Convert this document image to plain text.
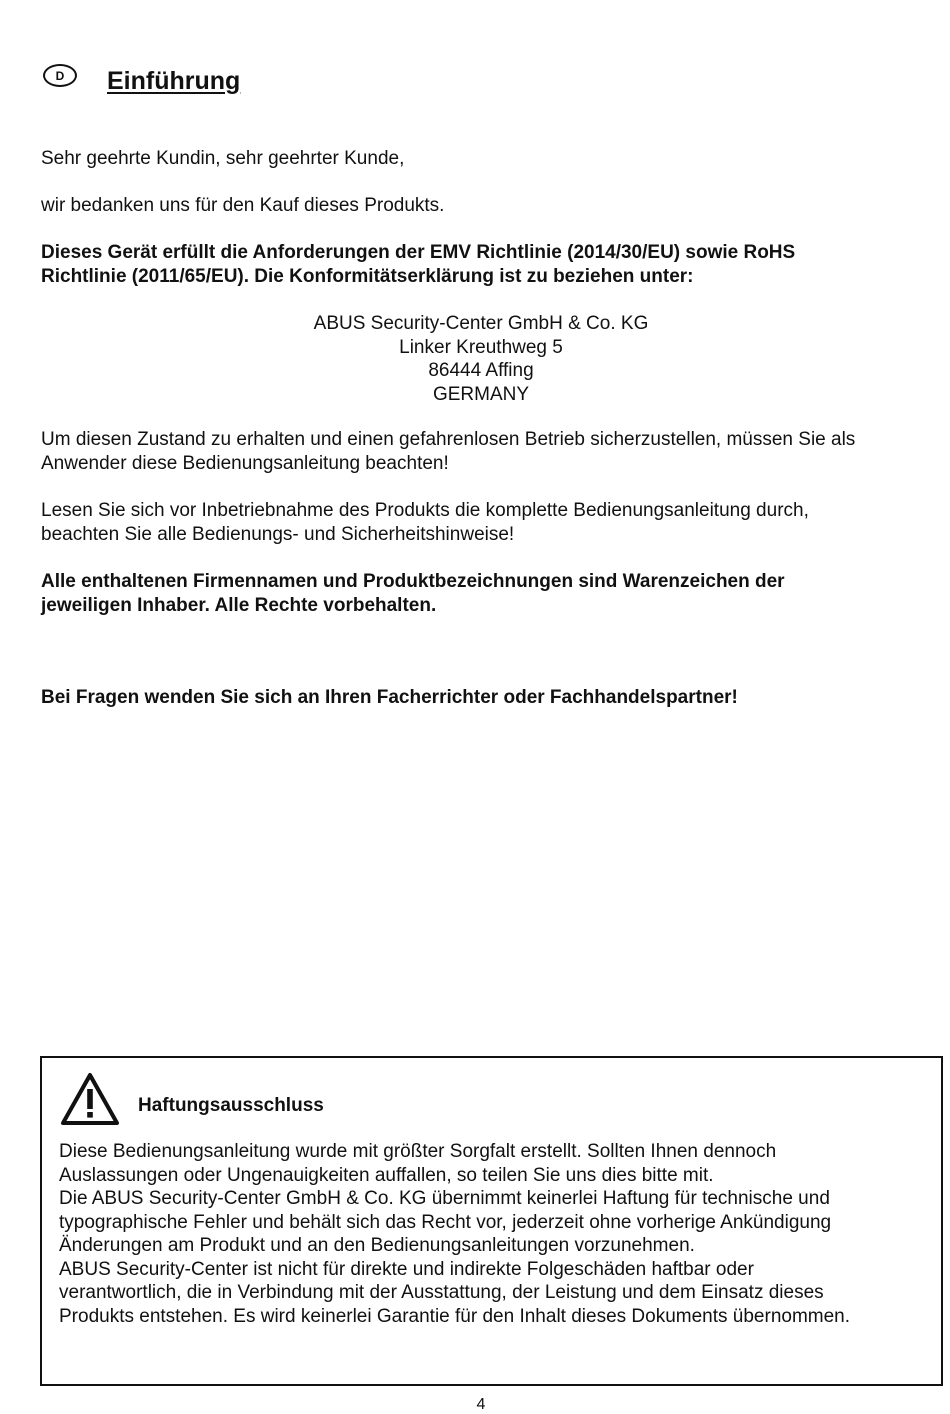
D Einführung

Sehr geehrte Kundin, sehr geehrter Kunde,

wir bedanken uns für den Kauf dieses Produkts.

Dieses Gerät erfüllt die Anforderungen der EMV Richtlinie (2014/30/EU) sowie RoHS
Richtlinie (2011/65/EU). Die Konformitätserklärung ist zu beziehen unter:
ABUS Security-Center GmbH & Co. KG
Linker Kreuthweg 5
86444 Affing
GERMANY
Um diesen Zustand zu erhalten und einen gefahrenlosen Betrieb sicherzustellen, müssen Sie als
Anwender diese Bedienungsanleitung beachten!
Lesen Sie sich vor Inbetriebnahme des Produkts die komplette Bedienungsanleitung durch,
beachten Sie alle Bedienungs- und Sicherheitshinweise!
Alle enthaltenen Firmennamen und Produktbezeichnungen sind Warenzeichen der
jeweiligen Inhaber. Alle Rechte vorbehalten.

Bei Fragen wenden Sie sich an Ihren Facherrichter oder Fachhandelspartner!

Haftungsausschluss
Diese Bedienungsanleitung wurde mit größter Sorgfalt erstellt. Sollten Ihnen dennoch
Auslassungen oder Ungenauigkeiten auffallen, so teilen Sie uns dies bitte mit.
Die ABUS Security-Center GmbH & Co. KG übernimmt keinerlei Haftung für technische und
typographische Fehler und behält sich das Recht vor, jederzeit ohne vorherige Ankündigung
Änderungen am Produkt und an den Bedienungsanleitungen vorzunehmen.
ABUS Security-Center ist nicht für direkte und indirekte Folgeschäden haftbar oder
verantwortlich, die in Verbindung mit der Ausstattung, der Leistung und dem Einsatz dieses
Produkts entstehen. Es wird keinerlei Garantie für den Inhalt dieses Dokuments übernommen.
4
